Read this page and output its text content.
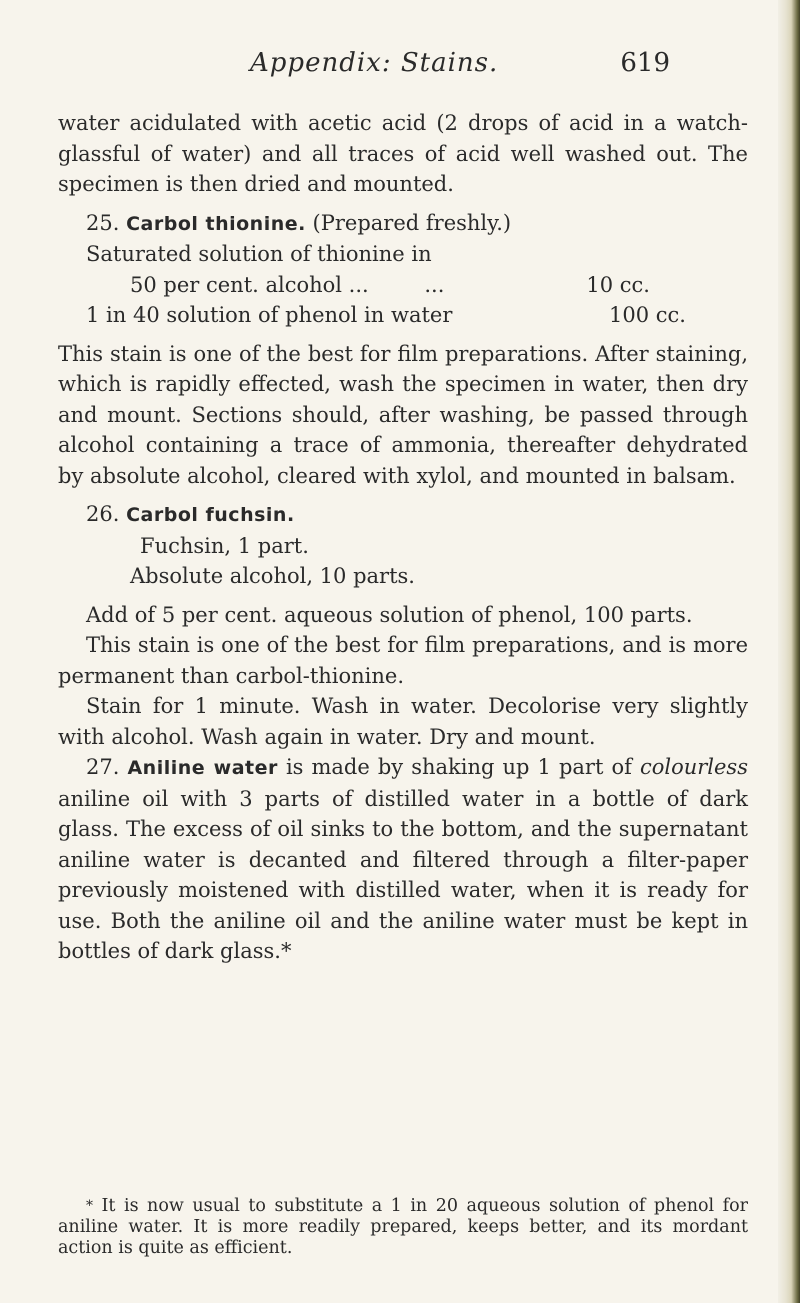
Appendix: Stains.	619

water acidulated with acetic acid (2 drops of acid in a watch-glassful of water) and all traces of acid well washed out. The specimen is then dried and mounted.

25. Carbol thionine. (Prepared freshly.)

Saturated solution of thionine in

50 per cent. alcohol ...	...	10 cc.
1 in 40 solution of phenol in water	100 cc.

This stain is one of the best for film preparations. After staining, which is rapidly effected, wash the specimen in water, then dry and mount. Sections should, after washing, be passed through alcohol containing a trace of ammonia, thereafter dehydrated by absolute alcohol, cleared with xylol, and mounted in balsam.

26. Carbol fuchsin.

Fuchsin, 1 part.

Absolute alcohol, 10 parts.

Add of 5 per cent. aqueous solution of phenol, 100 parts.

This stain is one of the best for film preparations, and is more permanent than carbol-thionine.

Stain for 1 minute. Wash in water. Decolorise very slightly with alcohol. Wash again in water. Dry and mount.

27. Aniline water is made by shaking up 1 part of colourless aniline oil with 3 parts of distilled water in a bottle of dark glass. The excess of oil sinks to the bottom, and the supernatant aniline water is decanted and filtered through a filter-paper previously moistened with distilled water, when it is ready for use. Both the aniline oil and the aniline water must be kept in bottles of dark glass.*

* It is now usual to substitute a 1 in 20 aqueous solution of phenol for aniline water. It is more readily prepared, keeps better, and its mordant action is quite as efficient.
